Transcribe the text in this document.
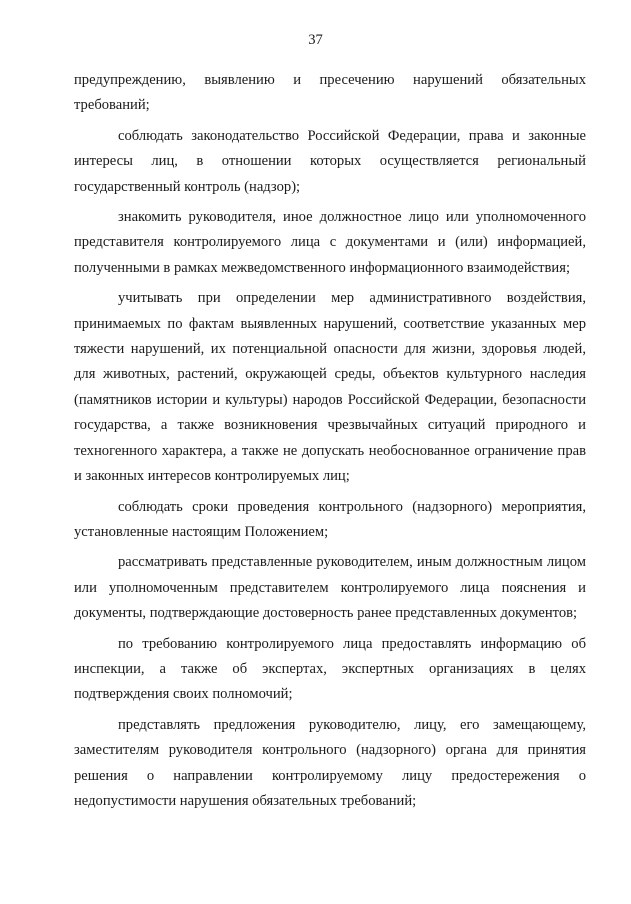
37

предупреждению, выявлению и пресечению нарушений обязательных требований;

соблюдать законодательство Российской Федерации, права и законные интересы лиц, в отношении которых осуществляется региональный государственный контроль (надзор);

знакомить руководителя, иное должностное лицо или уполномоченного представителя контролируемого лица с документами и (или) информацией, полученными в рамках межведомственного информационного взаимодействия;

учитывать при определении мер административного воздействия, принимаемых по фактам выявленных нарушений, соответствие указанных мер тяжести нарушений, их потенциальной опасности для жизни, здоровья людей, для животных, растений, окружающей среды, объектов культурного наследия (памятников истории и культуры) народов Российской Федерации, безопасности государства, а также возникновения чрезвычайных ситуаций природного и техногенного характера, а также не допускать необоснованное ограничение прав и законных интересов контролируемых лиц;

соблюдать сроки проведения контрольного (надзорного) мероприятия, установленные настоящим Положением;

рассматривать представленные руководителем, иным должностным лицом или уполномоченным представителем контролируемого лица пояснения и документы, подтверждающие достоверность ранее представленных документов;

по требованию контролируемого лица предоставлять информацию об инспекции, а также об экспертах, экспертных организациях в целях подтверждения своих полномочий;

представлять предложения руководителю, лицу, его замещающему, заместителям руководителя контрольного (надзорного) органа для принятия решения о направлении контролируемому лицу предостережения о недопустимости нарушения обязательных требований;
